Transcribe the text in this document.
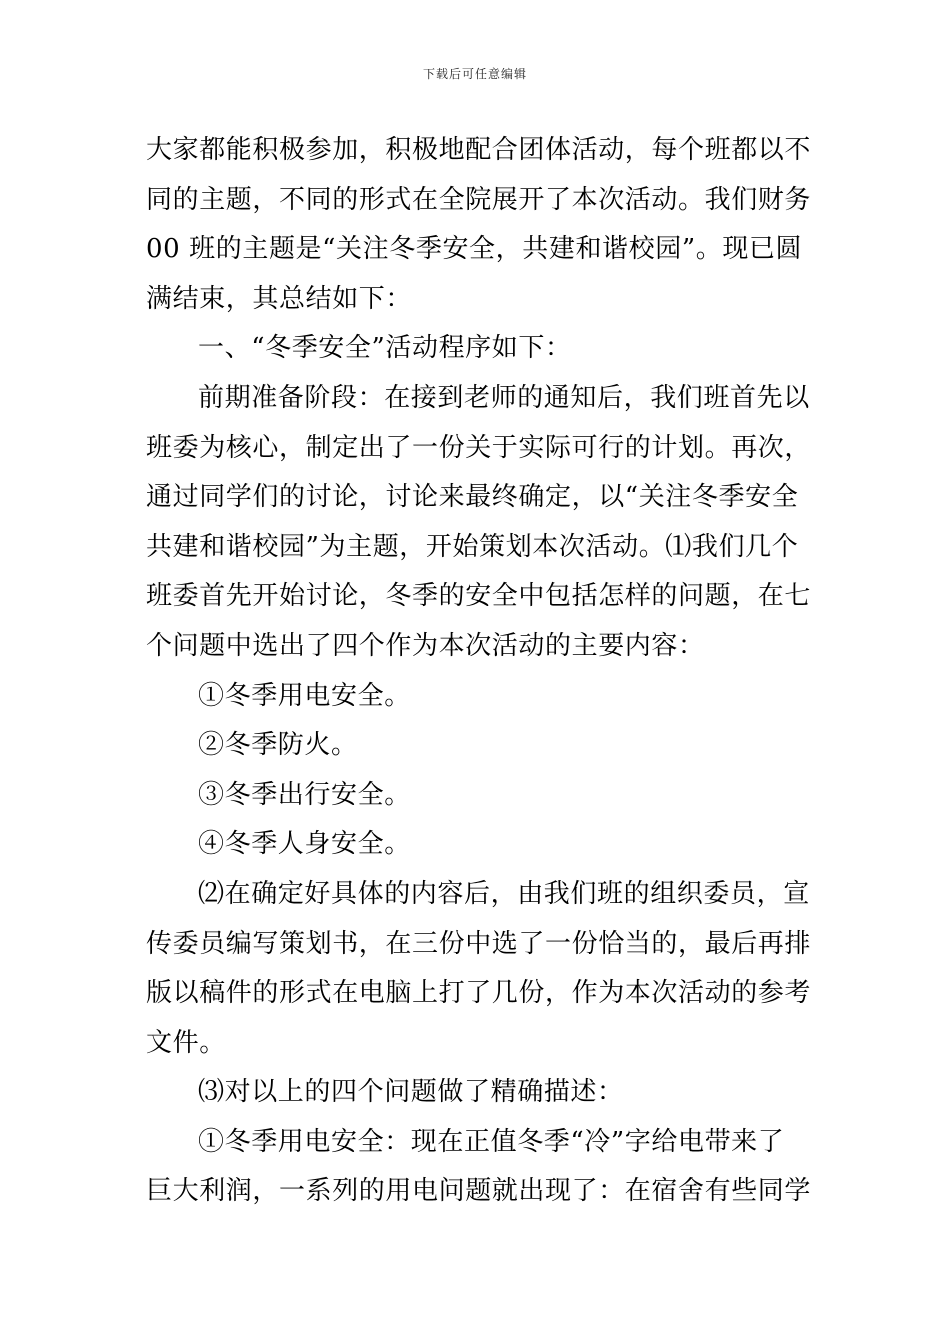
下载后可任意编辑

大家都能积极参加，积极地配合团体活动，每个班都以不

同的主题，不同的形式在全院展开了本次活动。我们财务

00 班的主题是“关注冬季安全，共建和谐校园”。现已圆

满结束，其总结如下：

一、“冬季安全”活动程序如下：

前期准备阶段：在接到老师的通知后，我们班首先以

班委为核心，制定出了一份关于实际可行的计划。再次，

通过同学们的讨论，讨论来最终确定，以“关注冬季安全

共建和谐校园”为主题，开始策划本次活动。⑴我们几个

班委首先开始讨论，冬季的安全中包括怎样的问题，在七

个问题中选出了四个作为本次活动的主要内容：

①冬季用电安全。

②冬季防火。

③冬季出行安全。

④冬季人身安全。

⑵在确定好具体的内容后，由我们班的组织委员，宣

传委员编写策划书，在三份中选了一份恰当的，最后再排

版以稿件的形式在电脑上打了几份，作为本次活动的参考

文件。

⑶对以上的四个问题做了精确描述：

①冬季用电安全：现在正值冬季“冷”字给电带来了

巨大利润，一系列的用电问题就出现了：在宿舍有些同学
